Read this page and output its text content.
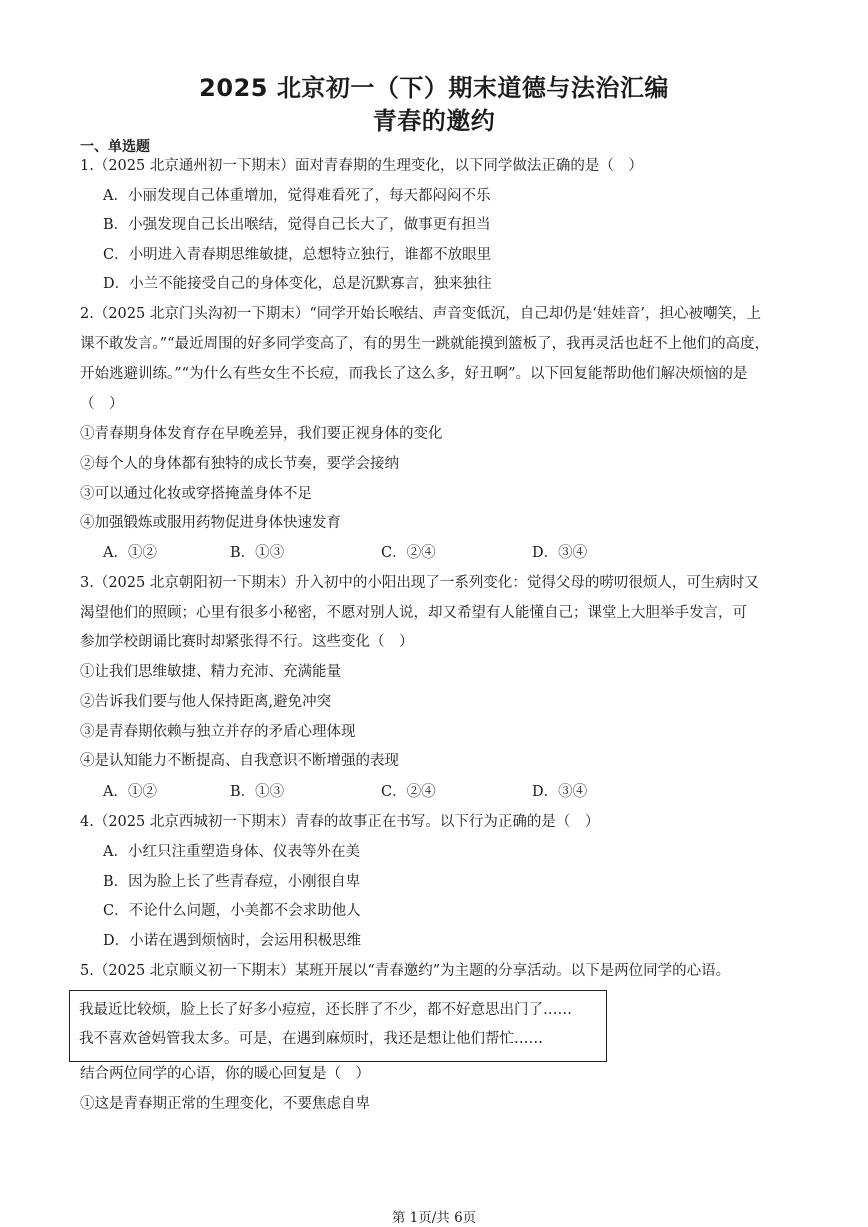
2025 北京初一（下）期末道德与法治汇编
青春的邀约
一、单选题
1.（2025 北京通州初一下期末）面对青春期的生理变化，以下同学做法正确的是（　）
A．小丽发现自己体重增加，觉得难看死了，每天都闷闷不乐
B．小强发现自己长出喉结，觉得自己长大了，做事更有担当
C．小明进入青春期思维敏捷，总想特立独行，谁都不放眼里
D．小兰不能接受自己的身体变化，总是沉默寡言，独来独往
2.（2025 北京门头沟初一下期末）“同学开始长喉结、声音变低沉，自己却仍是‘娃娃音’，担心被嘲笑，上
课不敢发言。”“最近周围的好多同学变高了，有的男生一跳就能摸到篮板了，我再灵活也赶不上他们的高度，
开始逃避训练。”“为什么有些女生不长痘，而我长了这么多，好丑啊”。以下回复能帮助他们解决烦恼的是
（　）
①青春期身体发育存在早晚差异，我们要正视身体的变化
②每个人的身体都有独特的成长节奏，要学会接纳
③可以通过化妆或穿搭掩盖身体不足
④加强锻炼或服用药物促进身体快速发育
A．①②	B．①③	C．②④	D．③④
3.（2025 北京朝阳初一下期末）升入初中的小阳出现了一系列变化：觉得父母的唠叨很烦人，可生病时又
渴望他们的照顾；心里有很多小秘密，不愿对别人说，却又希望有人能懂自己；课堂上大胆举手发言，可
参加学校朗诵比赛时却紧张得不行。这些变化（　）
①让我们思维敏捷、精力充沛、充满能量
②告诉我们要与他人保持距离,避免冲突
③是青春期依赖与独立并存的矛盾心理体现
④是认知能力不断提高、自我意识不断增强的表现
A．①②	B．①③	C．②④	D．③④
4.（2025 北京西城初一下期末）青春的故事正在书写。以下行为正确的是（　）
A．小红只注重塑造身体、仪表等外在美
B．因为脸上长了些青春痘，小刚很自卑
C．不论什么问题，小美都不会求助他人
D．小诺在遇到烦恼时，会运用积极思维
5.（2025 北京顺义初一下期末）某班开展以“青春邀约”为主题的分享活动。以下是两位同学的心语。
我最近比较烦，脸上长了好多小痘痘，还长胖了不少，都不好意思出门了……
我不喜欢爸妈管我太多。可是，在遇到麻烦时，我还是想让他们帮忙……
结合两位同学的心语，你的暖心回复是（　）
①这是青春期正常的生理变化，不要焦虑自卑
第 1页/共 6页
